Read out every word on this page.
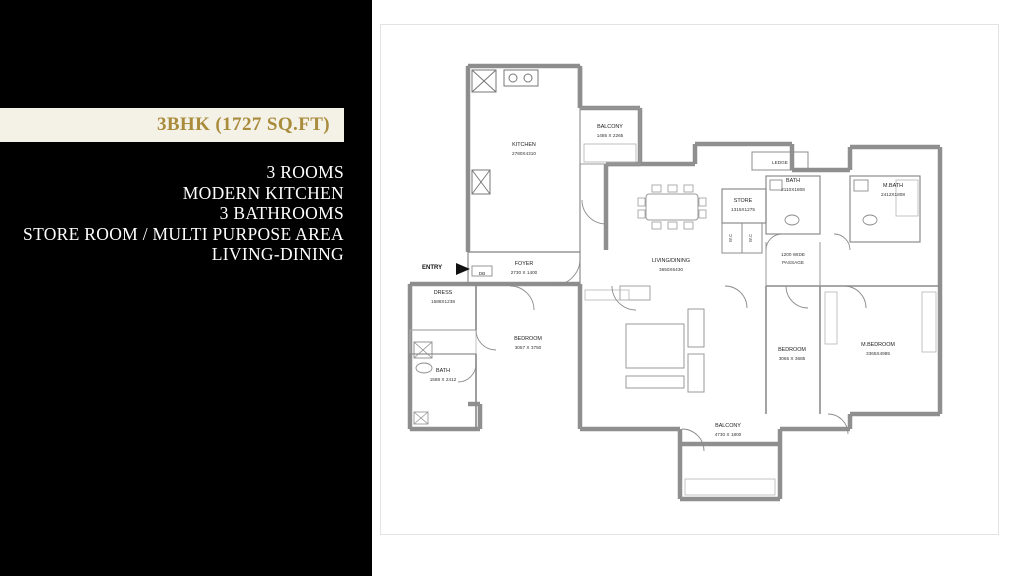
3BHK (1727 SQ.FT)
3 ROOMS
MODERN KITCHEN
3 BATHROOMS
STORE ROOM / MULTI PURPOSE AREA
LIVING-DINING
KITCHEN
2780X4310
BALCONY
1485 X 2265
FOYER
2730 X 1400
LIVING/DINING
3650X6430
STORE
1315X1275
BATH
2110X1808
M.BATH
2412X1808
DRESS
1588X1238
BATH
1588 X 2412
BEDROOM
3057 X 3750	BEDROOM
3065 X 3685
M.BEDROOM
3365X4985
BALCONY
4730 X 1800
LEDGE
1200 WIDE
PASSAGE
W.C	W.C
DB
ENTRY
